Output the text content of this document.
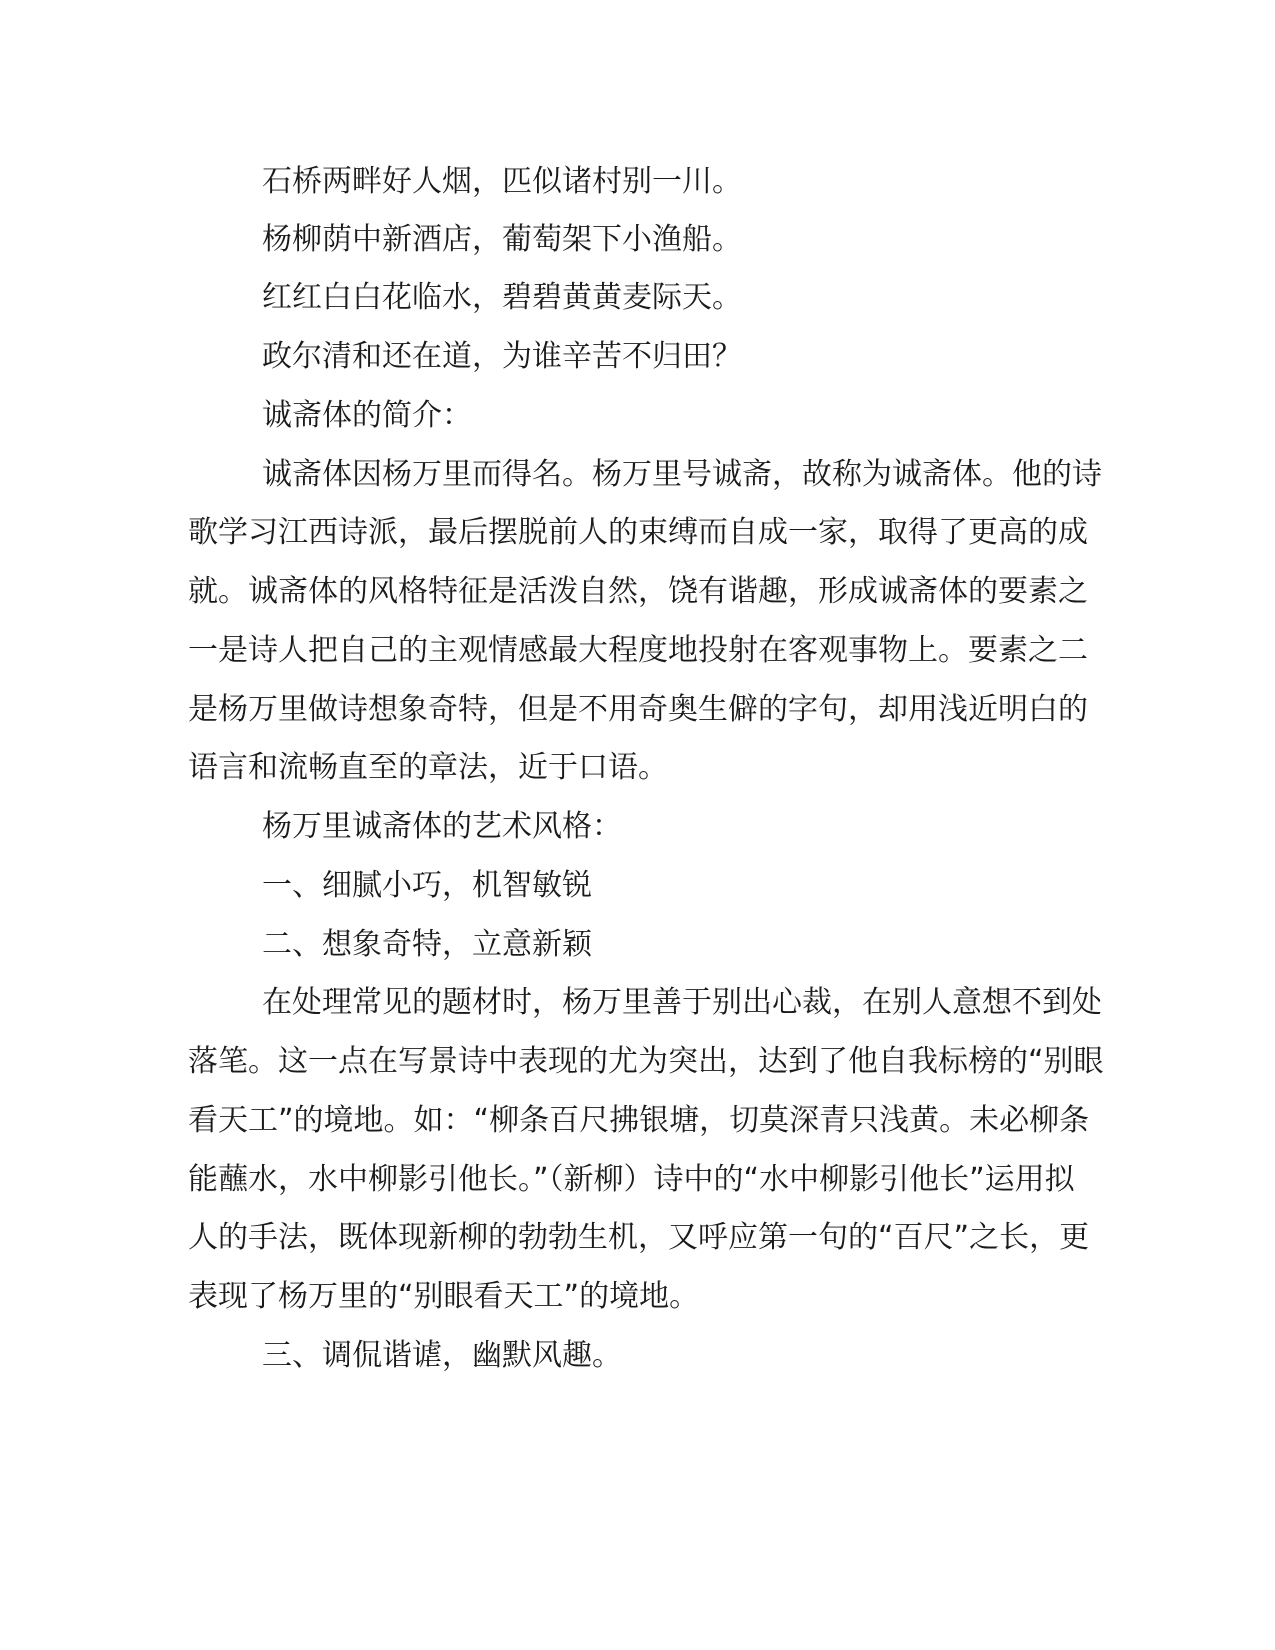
石桥两畔好人烟，匹似诸村别一川。

杨柳荫中新酒店，葡萄架下小渔船。

红红白白花临水，碧碧黄黄麦际天。

政尔清和还在道，为谁辛苦不归田？

诚斋体的简介：

诚斋体因杨万里而得名。杨万里号诚斋，故称为诚斋体。他的诗

歌学习江西诗派，最后摆脱前人的束缚而自成一家，取得了更高的成

就。诚斋体的风格特征是活泼自然，饶有谐趣，形成诚斋体的要素之

一是诗人把自己的主观情感最大程度地投射在客观事物上。要素之二

是杨万里做诗想象奇特，但是不用奇奥生僻的字句，却用浅近明白的

语言和流畅直至的章法，近于口语。

杨万里诚斋体的艺术风格：

一、细腻小巧，机智敏锐

二、想象奇特，立意新颖

在处理常见的题材时，杨万里善于别出心裁，在别人意想不到处

落笔。这一点在写景诗中表现的尤为突出，达到了他自我标榜的“别眼

看天工”的境地。如：“柳条百尺拂银塘，切莫深青只浅黄。未必柳条

能蘸水，水中柳影引他长。”（新柳）诗中的“水中柳影引他长”运用拟

人的手法，既体现新柳的勃勃生机，又呼应第一句的“百尺”之长，更

表现了杨万里的“别眼看天工”的境地。

三、调侃谐谑，幽默风趣。
